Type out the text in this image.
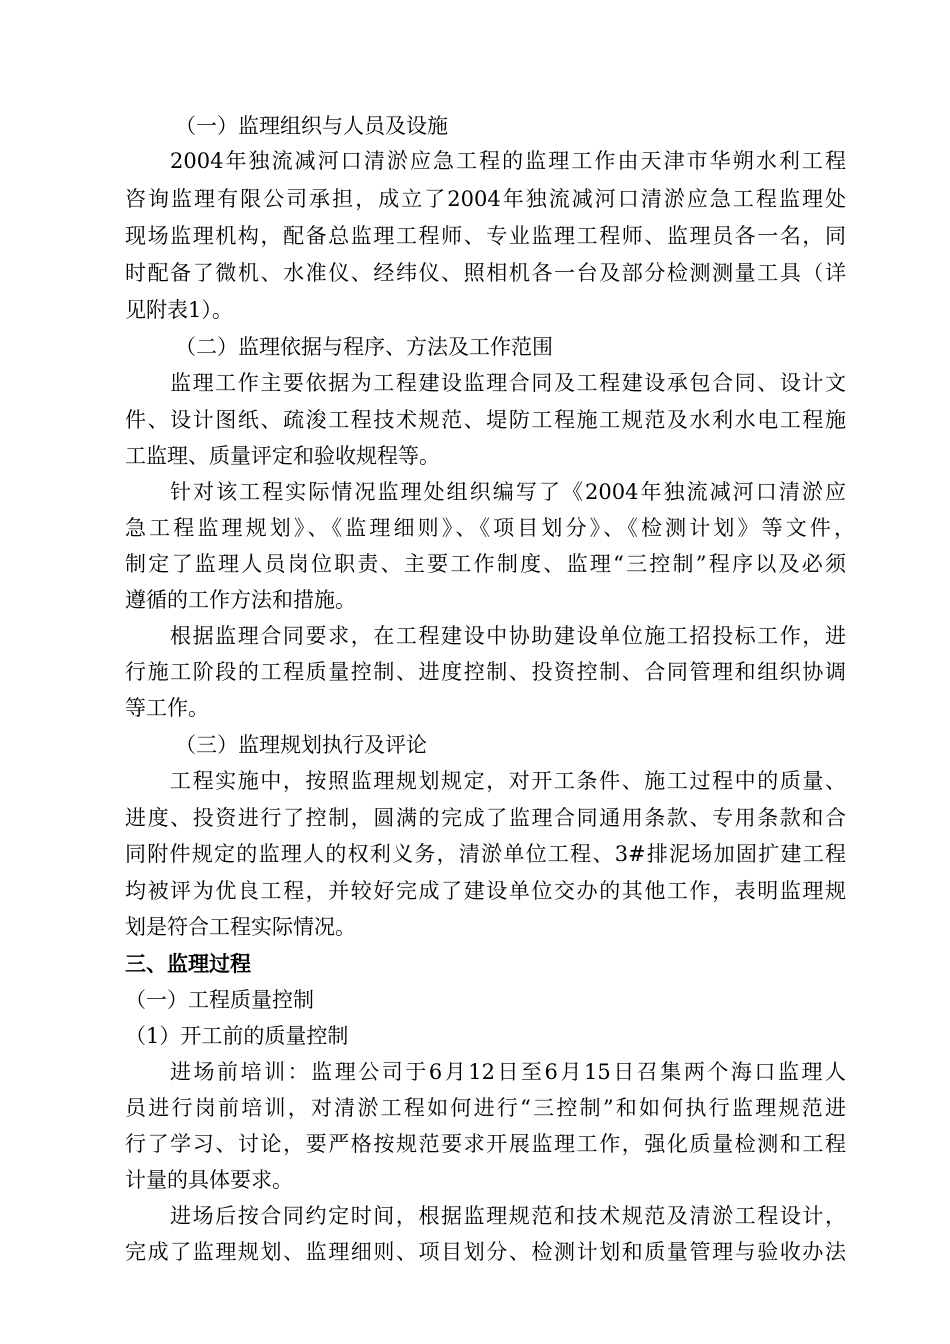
（一）监理组织与人员及设施
2004年独流减河口清淤应急工程的监理工作由天津市华朔水利工程
咨询监理有限公司承担，成立了2004年独流减河口清淤应急工程监理处
现场监理机构，配备总监理工程师、专业监理工程师、监理员各一名，同
时配备了微机、水准仪、经纬仪、照相机各一台及部分检测测量工具（详
见附表1）。
（二）监理依据与程序、方法及工作范围
监理工作主要依据为工程建设监理合同及工程建设承包合同、设计文
件、设计图纸、疏浚工程技术规范、堤防工程施工规范及水利水电工程施
工监理、质量评定和验收规程等。
针对该工程实际情况监理处组织编写了《2004年独流减河口清淤应
急工程监理规划》、《监理细则》、《项目划分》、《检测计划》等文件，
制定了监理人员岗位职责、主要工作制度、监理“三控制”程序以及必须
遵循的工作方法和措施。
根据监理合同要求，在工程建设中协助建设单位施工招投标工作，进
行施工阶段的工程质量控制、进度控制、投资控制、合同管理和组织协调
等工作。
（三）监理规划执行及评论
工程实施中，按照监理规划规定，对开工条件、施工过程中的质量、
进度、投资进行了控制，圆满的完成了监理合同通用条款、专用条款和合
同附件规定的监理人的权利义务，清淤单位工程、3#排泥场加固扩建工程
均被评为优良工程，并较好完成了建设单位交办的其他工作，表明监理规
划是符合工程实际情况。
三、监理过程
（一）工程质量控制
（1）开工前的质量控制
进场前培训：监理公司于6月12日至6月15日召集两个海口监理人
员进行岗前培训，对清淤工程如何进行“三控制”和如何执行监理规范进
行了学习、讨论，要严格按规范要求开展监理工作，强化质量检测和工程
计量的具体要求。
进场后按合同约定时间，根据监理规范和技术规范及清淤工程设计，
完成了监理规划、监理细则、项目划分、检测计划和质量管理与验收办法
